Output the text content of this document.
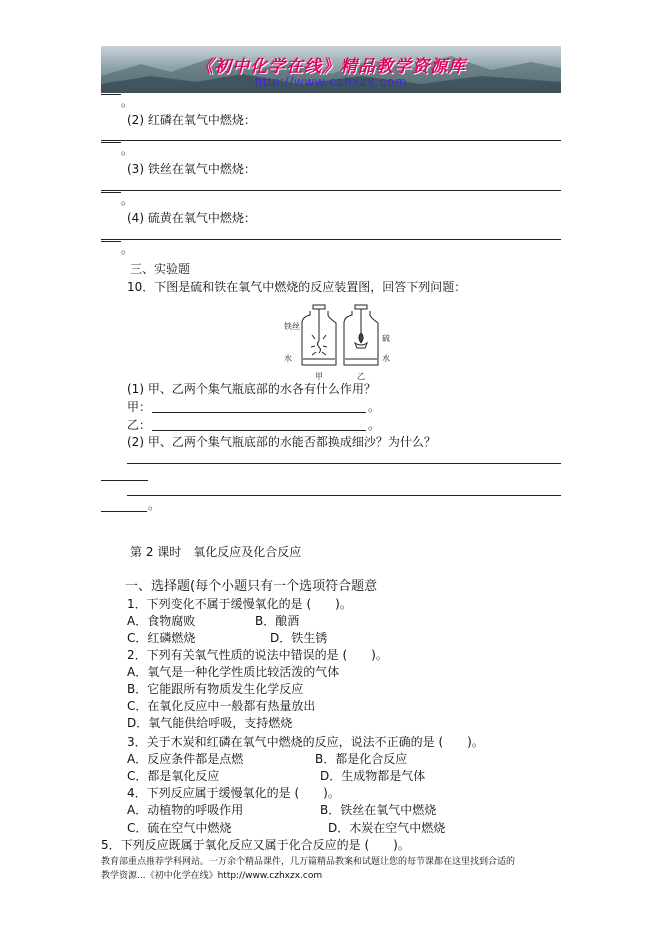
《初中化学在线》精品教学资源库
http://www.czhxzx.com
。
(2) 红磷在氧气中燃烧：
。
(3) 铁丝在氧气中燃烧：
。
(4) 硫黄在氧气中燃烧：
。
三、实验题
10．下图是硫和铁在氧气中燃烧的反应装置图，回答下列问题：
铁丝
水
硫
水
甲	乙
(1) 甲、乙两个集气瓶底部的水各有什么作用？
甲：	。
乙：	。
(2) 甲、乙两个集气瓶底部的水能否都换成细沙？为什么？
。
第 2 课时　氧化反应及化合反应
一、选择题(每个小题只有一个选项符合题意
1．下列变化不属于缓慢氧化的是 (　　)。
A．食物腐败	B．酿酒
C．红磷燃烧	D．铁生锈
2．下列有关氧气性质的说法中错误的是 (　　)。
A．氧气是一种化学性质比较活泼的气体
B．它能跟所有物质发生化学反应
C．在氧化反应中一般都有热量放出
D．氧气能供给呼吸，支持燃烧
3．关于木炭和红磷在氧气中燃烧的反应，说法不正确的是 (　　)。
A．反应条件都是点燃	B．都是化合反应
C．都是氧化反应	D．生成物都是气体
4．下列反应属于缓慢氧化的是 (　　)。
A．动植物的呼吸作用	B．铁丝在氧气中燃烧
C．硫在空气中燃烧	D．木炭在空气中燃烧
5．下列反应既属于氧化反应又属于化合反应的是 (　　)。
教育部重点推荐学科网站。一万余个精品课件，几万篇精品教案和试题让您的每节课都在这里找到合适的
教学资源...《初中化学在线》http://www.czhxzx.com
